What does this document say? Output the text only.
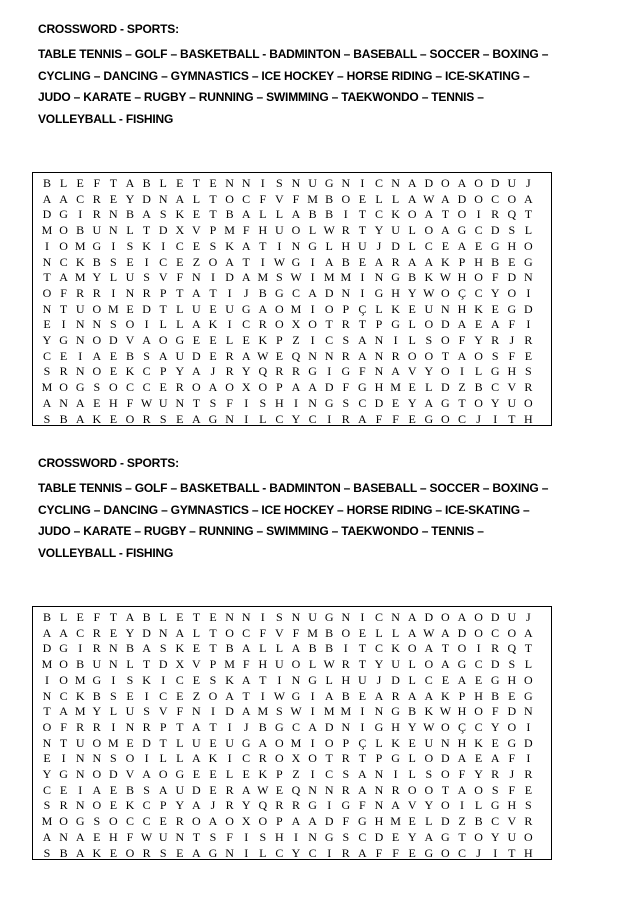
CROSSWORD - SPORTS:
TABLE TENNIS – GOLF – BASKETBALL - BADMINTON – BASEBALL – SOCCER – BOXING –
CYCLING – DANCING – GYMNASTICS – ICE HOCKEY – HORSE RIDING – ICE-SKATING –
JUDO – KARATE – RUGBY – RUNNING – SWIMMING – TAEKWONDO – TENNIS –
VOLLEYBALL - FISHING
B L E F T A B L E T E N N I S N U G N I C N A D O A O D U J
A A C R E Y D N A L T O C F V F M B O E L L A W A D O C O A
D G I R N B A S K E T B A L L A B B I T C K O A T O I R Q T
M O B U N L T D X V P M F H U O L W R T Y U L O A G C D S L
I O M G I S K I C E S K A T I N G L H U J D L C E A E G H O
N C K B S E I C E Z O A T I W G I A B E A R A A K P H B E G
T A M Y L U S V F N I D A M S W I M M I N G B K W H O F D N
O F R R I N R P T A T I	J B G C A D N I G H Y W O Ç C Y O I
N T U O M E D T L U E U G A O M I O P Ç L K E U N H K E G D
E I N N S O I L L A K I C R O X O T R T P G L O D A E A F I
Y G N O D V A O G E E L E K P Z I C S A N I L S O F Y R J R
C E I A E B S A U D E R A W E Q N N R A N R O O T A O S F E
S R N O E K C P Y A J R Y Q R R G I G F N A V Y O I L G H S
M O G S O C C E R O A O X O P A A D F G H M E L D Z B C V R
A N A E H F W U N T S F I S H I N G S C D E Y A G T O Y U O
S B A K E O R S E A G N I L C Y C I R A F F E G O C J	I T H
CROSSWORD - SPORTS:
TABLE TENNIS – GOLF – BASKETBALL - BADMINTON – BASEBALL – SOCCER – BOXING –
CYCLING – DANCING – GYMNASTICS – ICE HOCKEY – HORSE RIDING – ICE-SKATING –
JUDO – KARATE – RUGBY – RUNNING – SWIMMING – TAEKWONDO – TENNIS –
VOLLEYBALL - FISHING
B L E F T A B L E T E N N I S N U G N I C N A D O A O D U J
A A C R E Y D N A L T O C F V F M B O E L L A W A D O C O A
D G I R N B A S K E T B A L L A B B I T C K O A T O I R Q T
M O B U N L T D X V P M F H U O L W R T Y U L O A G C D S L
I O M G I S K I C E S K A T I N G L H U J D L C E A E G H O
N C K B S E I C E Z O A T I W G I A B E A R A A K P H B E G
T A M Y L U S V F N I D A M S W I M M I N G B K W H O F D N
O F R R I N R P T A T I	J B G C A D N I G H Y W O Ç C Y O I
N T U O M E D T L U E U G A O M I O P Ç L K E U N H K E G D
E I N N S O I L L A K I C R O X O T R T P G L O D A E A F I
Y G N O D V A O G E E L E K P Z I C S A N I L S O F Y R J R
C E I A E B S A U D E R A W E Q N N R A N R O O T A O S F E
S R N O E K C P Y A J R Y Q R R G I G F N A V Y O I L G H S
M O G S O C C E R O A O X O P A A D F G H M E L D Z B C V R
A N A E H F W U N T S F I S H I N G S C D E Y A G T O Y U O
S B A K E O R S E A G N I L C Y C I R A F F E G O C J	I T H
